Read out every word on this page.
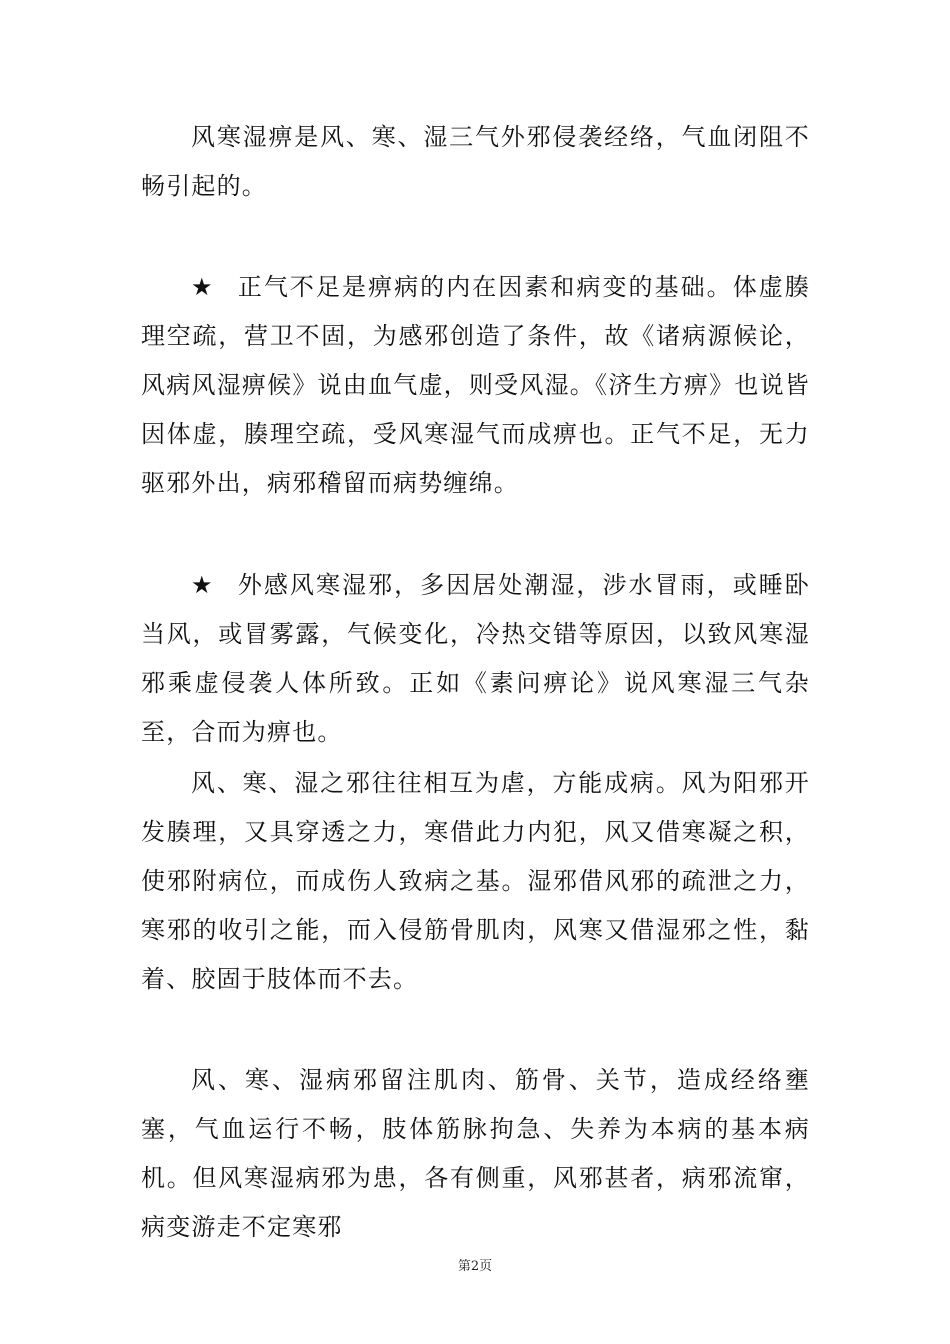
风寒湿痹是风、寒、湿三气外邪侵袭经络，气血闭阻不畅引起的。

★ 正气不足是痹病的内在因素和病变的基础。体虚腠理空疏，营卫不固，为感邪创造了条件，故《诸病源候论，风病风湿痹候》说由血气虚，则受风湿。《济生方痹》也说皆因体虚，腠理空疏，受风寒湿气而成痹也。正气不足，无力驱邪外出，病邪稽留而病势缠绵。

★ 外感风寒湿邪，多因居处潮湿，涉水冒雨，或睡卧当风，或冒雾露，气候变化，冷热交错等原因，以致风寒湿邪乘虚侵袭人体所致。正如《素问痹论》说风寒湿三气杂至，合而为痹也。

风、寒、湿之邪往往相互为虐，方能成病。风为阳邪开发腠理，又具穿透之力，寒借此力内犯，风又借寒凝之积，使邪附病位，而成伤人致病之基。湿邪借风邪的疏泄之力，寒邪的收引之能，而入侵筋骨肌肉，风寒又借湿邪之性，黏着、胶固于肢体而不去。

风、寒、湿病邪留注肌肉、筋骨、关节，造成经络壅塞，气血运行不畅，肢体筋脉拘急、失养为本病的基本病机。但风寒湿病邪为患，各有侧重，风邪甚者，病邪流窜，病变游走不定寒邪

第2页
